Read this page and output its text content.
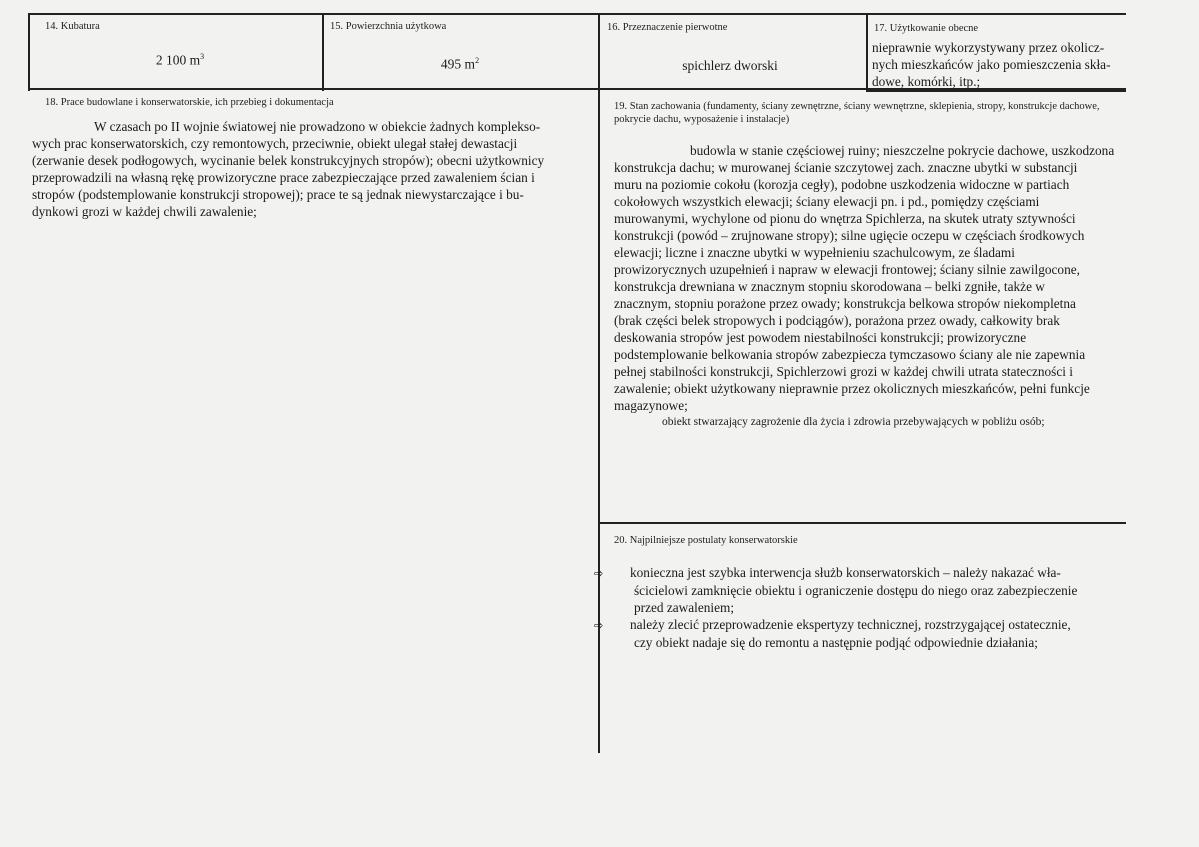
14. Kubatura
2 100 $m^3$
15. Powierzchnia użytkowa
495 $m^2$
16. Przeznaczenie pierwotne
spichlerz dworski
17. Użytkowanie obecne

nieprawnie wykorzystywany przez okolicz-

nych mieszkańców jako pomieszczenia skła-

dowe, komórki, itp.;

18. Prace budowlane i konserwatorskie, ich przebieg i dokumentacja

W czasach po II wojnie światowej nie prowadzono w obiekcie żadnych komplekso-

wych prac konserwatorskich, czy remontowych, przeciwnie, obiekt ulegał stałej dewastacji

(zerwanie desek podłogowych, wycinanie belek konstrukcyjnych stropów); obecni użytkownicy

przeprowadzili na własną rękę prowizoryczne prace zabezpieczające przed zawaleniem ścian i

stropów (podstemplowanie konstrukcji stropowej); prace te są jednak niewystarczające i bu-

dynkowi grozi w każdej chwili zawalenie;

19. Stan zachowania (fundamenty, ściany zewnętrzne, ściany wewnętrzne, sklepienia, stropy, konstrukcje dachowe,
pokrycie dachu, wyposażenie i instalacje)

budowla w stanie częściowej ruiny; nieszczelne pokrycie dachowe, uszkodzona

konstrukcja dachu; w murowanej ścianie szczytowej zach. znaczne ubytki w substancji

muru na poziomie cokołu (korozja cegły), podobne uszkodzenia widoczne w partiach

cokołowych wszystkich elewacji; ściany elewacji pn. i pd., pomiędzy częściami

murowanymi, wychylone od pionu do wnętrza Spichlerza, na skutek utraty sztywności

konstrukcji (powód – zrujnowane stropy); silne ugięcie oczepu w częściach środkowych

elewacji; liczne i znaczne ubytki w wypełnieniu szachulcowym, ze śladami

prowizorycznych uzupełnień i napraw w elewacji frontowej; ściany silnie zawilgocone,

konstrukcja drewniana w znacznym stopniu skorodowana – belki zgniłe, także w

znacznym, stopniu porażone przez owady; konstrukcja belkowa stropów niekompletna

(brak części belek stropowych i podciągów), porażona przez owady, całkowity brak

deskowania stropów jest powodem niestabilności konstrukcji; prowizoryczne

podstemplowanie belkowania stropów zabezpiecza tymczasowo ściany ale nie zapewnia

pełnej stabilności konstrukcji, Spichlerzowi grozi w każdej chwili utrata stateczności i

zawalenie; obiekt użytkowany nieprawnie przez okolicznych mieszkańców, pełni funkcje

magazynowe;

obiekt stwarzający zagrożenie dla życia i zdrowia przebywających w pobliżu osób;

20. Najpilniejsze postulaty konserwatorskie

⇨ konieczna jest szybka interwencja służb konserwatorskich – należy nakazać wła-

ścicielowi zamknięcie obiektu i ograniczenie dostępu do niego oraz zabezpieczenie

przed zawaleniem;

⇨ należy zlecić przeprowadzenie ekspertyzy technicznej, rozstrzygającej ostatecznie,

czy obiekt nadaje się do remontu a następnie podjąć odpowiednie działania;
